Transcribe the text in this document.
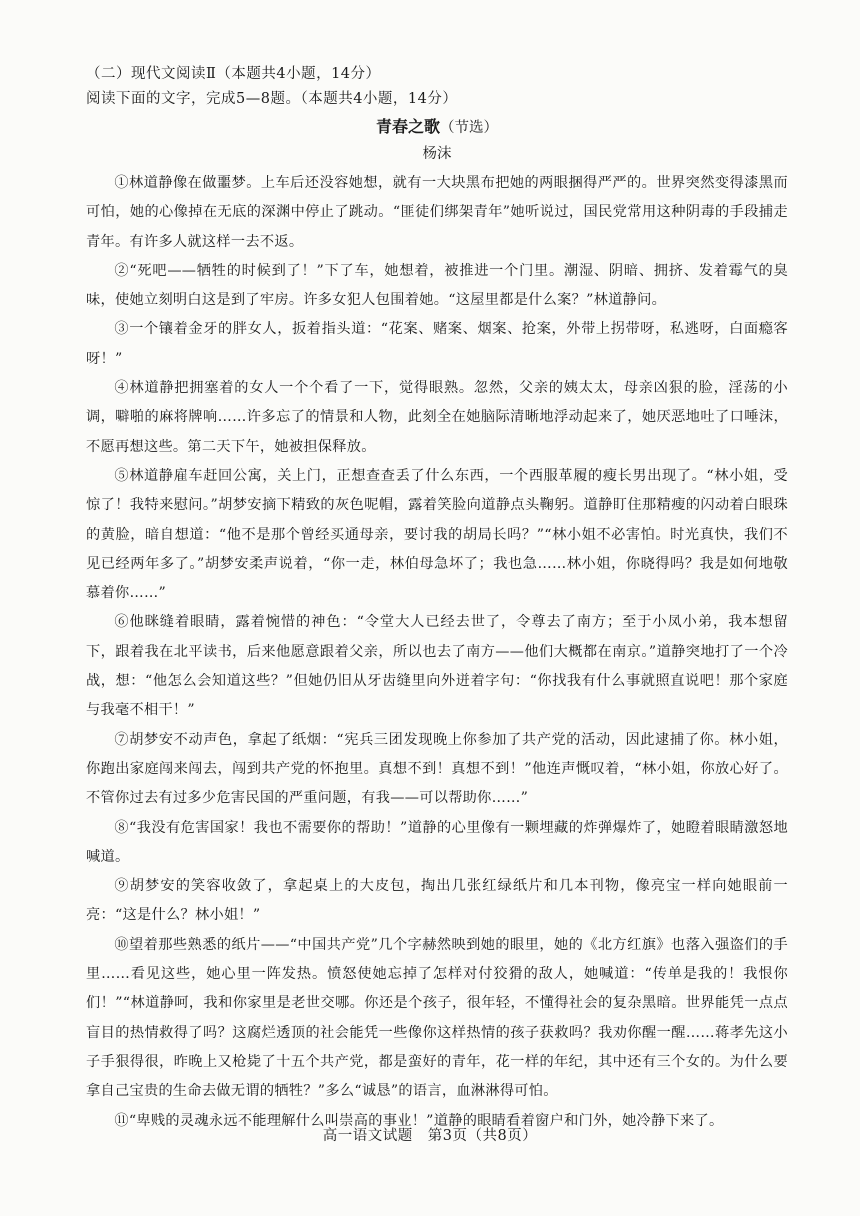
（二）现代文阅读Ⅱ（本题共4小题，14分）

阅读下面的文字，完成5—8题。（本题共4小题，14分）

青春之歌（节选）

杨沫

①林道静像在做噩梦。上车后还没容她想，就有一大块黑布把她的两眼捆得严严的。世界突然变得漆黑而可怕，她的心像掉在无底的深渊中停止了跳动。“匪徒们绑架青年”她听说过，国民党常用这种阴毒的手段捕走青年。有许多人就这样一去不返。

②“死吧——牺牲的时候到了！”下了车，她想着，被推进一个门里。潮湿、阴暗、拥挤、发着霉气的臭味，使她立刻明白这是到了牢房。许多女犯人包围着她。“这屋里都是什么案？”林道静问。

③一个镶着金牙的胖女人，扳着指头道：“花案、赌案、烟案、抢案，外带上拐带呀，私逃呀，白面瘾客呀！”

④林道静把拥塞着的女人一个个看了一下，觉得眼熟。忽然，父亲的姨太太，母亲凶狠的脸，淫荡的小调，噼啪的麻将牌响……许多忘了的情景和人物，此刻全在她脑际清晰地浮动起来了，她厌恶地吐了口唾沫，不愿再想这些。第二天下午，她被担保释放。

⑤林道静雇车赶回公寓，关上门，正想查查丢了什么东西，一个西服革履的瘦长男出现了。“林小姐，受惊了！我特来慰问。”胡梦安摘下精致的灰色呢帽，露着笑脸向道静点头鞠躬。道静盯住那精瘦的闪动着白眼珠的黄脸，暗自想道：“他不是那个曾经买通母亲，要讨我的胡局长吗？”“林小姐不必害怕。时光真快，我们不见已经两年多了。”胡梦安柔声说着，“你一走，林伯母急坏了；我也急……林小姐，你晓得吗？我是如何地敬慕着你……”

⑥他眯缝着眼睛，露着惋惜的神色：“令堂大人已经去世了，令尊去了南方；至于小凤小弟，我本想留下，跟着我在北平读书，后来他愿意跟着父亲，所以也去了南方——他们大概都在南京。”道静突地打了一个冷战，想：“他怎么会知道这些？”但她仍旧从牙齿缝里向外迸着字句：“你找我有什么事就照直说吧！那个家庭与我毫不相干！”

⑦胡梦安不动声色，拿起了纸烟：“宪兵三团发现晚上你参加了共产党的活动，因此逮捕了你。林小姐，你跑出家庭闯来闯去，闯到共产党的怀抱里。真想不到！真想不到！”他连声慨叹着，“林小姐，你放心好了。不管你过去有过多少危害民国的严重问题，有我——可以帮助你……”

⑧“我没有危害国家！我也不需要你的帮助！”道静的心里像有一颗埋藏的炸弹爆炸了，她瞪着眼睛激怒地喊道。

⑨胡梦安的笑容收敛了，拿起桌上的大皮包，掏出几张红绿纸片和几本刊物，像亮宝一样向她眼前一亮：“这是什么？林小姐！”

⑩望着那些熟悉的纸片——“中国共产党”几个字赫然映到她的眼里，她的《北方红旗》也落入强盗们的手里……看见这些，她心里一阵发热。愤怒使她忘掉了怎样对付狡猾的敌人，她喊道：“传单是我的！我恨你们！”“林道静呵，我和你家里是老世交哪。你还是个孩子，很年轻，不懂得社会的复杂黑暗。世界能凭一点点盲目的热情救得了吗？这腐烂透顶的社会能凭一些像你这样热情的孩子获救吗？我劝你醒一醒……蒋孝先这小子手狠得很，昨晚上又枪毙了十五个共产党，都是蛮好的青年，花一样的年纪，其中还有三个女的。为什么要拿自己宝贵的生命去做无谓的牺牲？”多么“诚恳”的语言，血淋淋得可怕。

⑪“卑贱的灵魂永远不能理解什么叫崇高的事业！”道静的眼睛看着窗户和门外，她冷静下来了。

高一语文试题　第3页（共8页）
